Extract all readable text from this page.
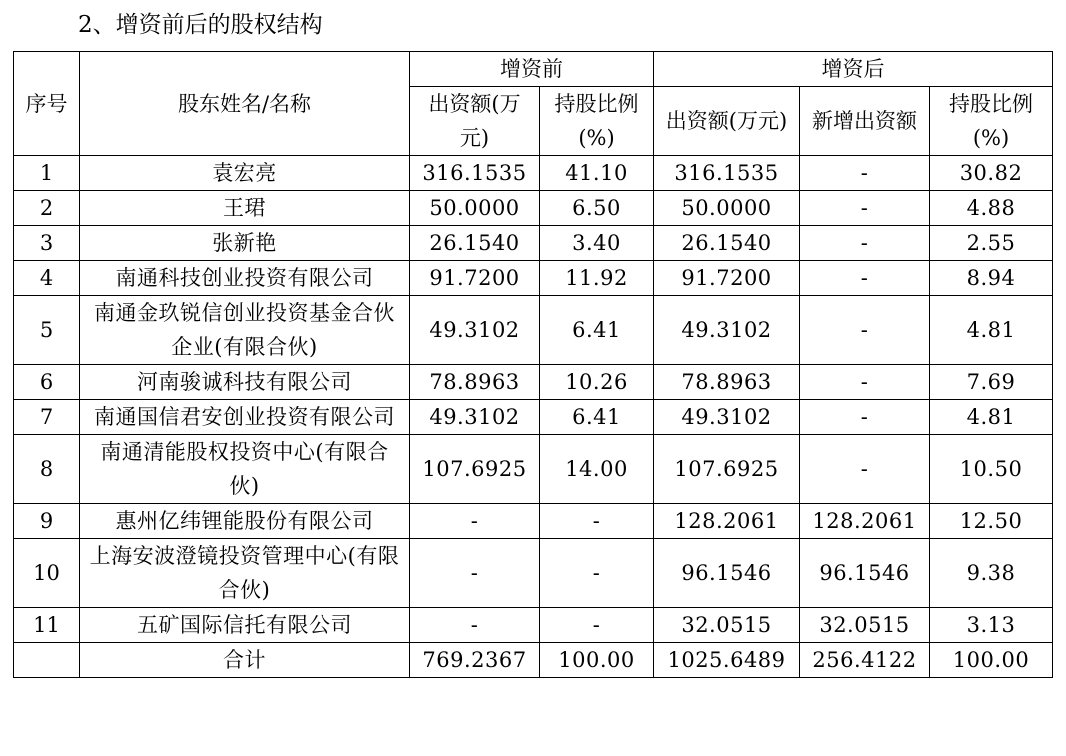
2、增资前后的股权结构
序号	股东姓名/名称	增资前		增资后		
		出资额(万元)	持股比例(%)	出资额(万元)	新增出资额	持股比例(%)
1	袁宏亮	316.1535	41.10	316.1535	-	30.82
2	王珺	50.0000	6.50	50.0000	-	4.88
3	张新艳	26.1540	3.40	26.1540	-	2.55
4	南通科技创业投资有限公司	91.7200	11.92	91.7200	-	8.94
5	南通金玖锐信创业投资基金合伙企业(有限合伙)	49.3102	6.41	49.3102	-	4.81
6	河南骏诚科技有限公司	78.8963	10.26	78.8963	-	7.69
7	南通国信君安创业投资有限公司	49.3102	6.41	49.3102	-	4.81
8	南通清能股权投资中心(有限合伙)	107.6925	14.00	107.6925	-	10.50
9	惠州亿纬锂能股份有限公司	-	-	128.2061	128.2061	12.50
10	上海安波澄镜投资管理中心(有限合伙)	-	-	96.1546	96.1546	9.38
11	五矿国际信托有限公司	-	-	32.0515	32.0515	3.13
	合计	769.2367	100.00	1025.6489	256.4122	100.00
